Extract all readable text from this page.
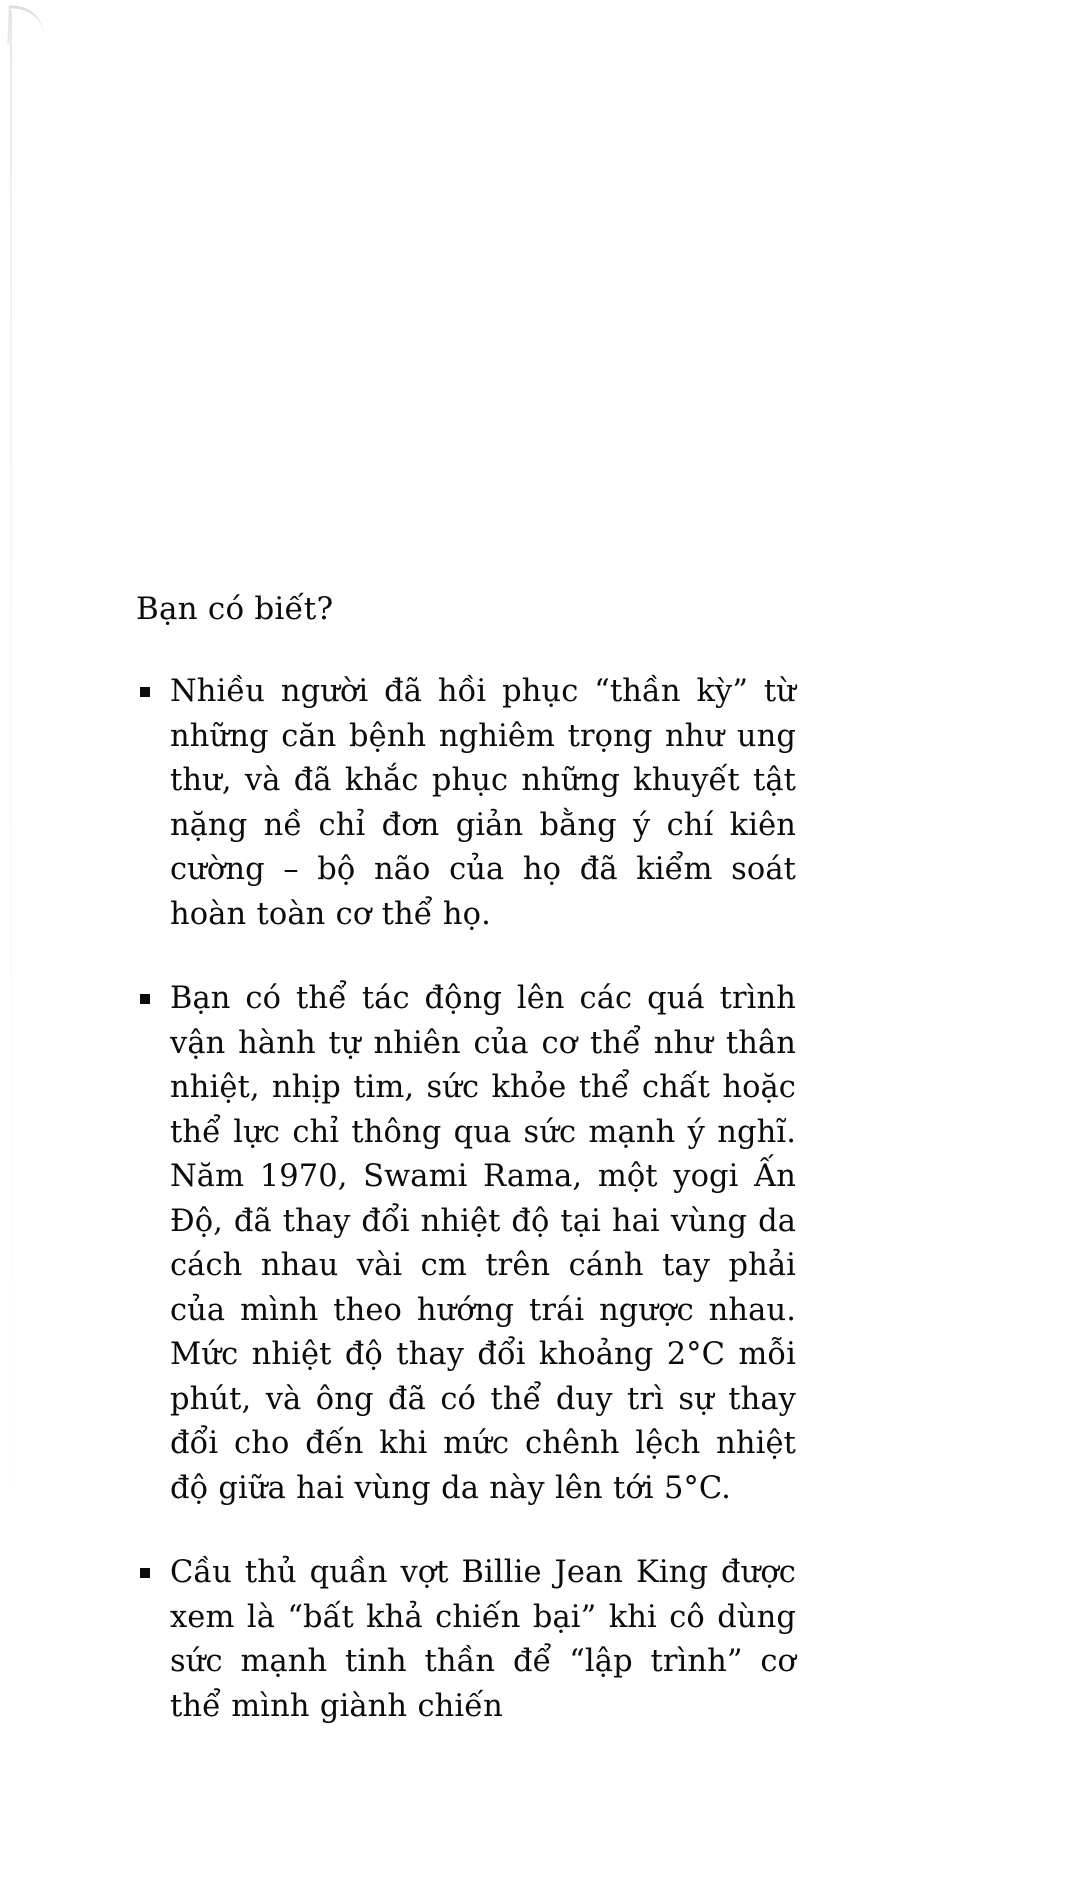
Bạn có biết?
Nhiều người đã hồi phục “thần kỳ” từ những căn bệnh nghiêm trọng như ung thư, và đã khắc phục những khuyết tật nặng nề chỉ đơn giản bằng ý chí kiên cường – bộ não của họ đã kiểm soát hoàn toàn cơ thể họ.
Bạn có thể tác động lên các quá trình vận hành tự nhiên của cơ thể như thân nhiệt, nhịp tim, sức khỏe thể chất hoặc thể lực chỉ thông qua sức mạnh ý nghĩ. Năm 1970, Swami Rama, một yogi Ấn Độ, đã thay đổi nhiệt độ tại hai vùng da cách nhau vài cm trên cánh tay phải của mình theo hướng trái ngược nhau. Mức nhiệt độ thay đổi khoảng 2°C mỗi phút, và ông đã có thể duy trì sự thay đổi cho đến khi mức chênh lệch nhiệt độ giữa hai vùng da này lên tới 5°C.
Cầu thủ quần vợt Billie Jean King được xem là “bất khả chiến bại” khi cô dùng sức mạnh tinh thần để “lập trình” cơ thể mình giành chiến
